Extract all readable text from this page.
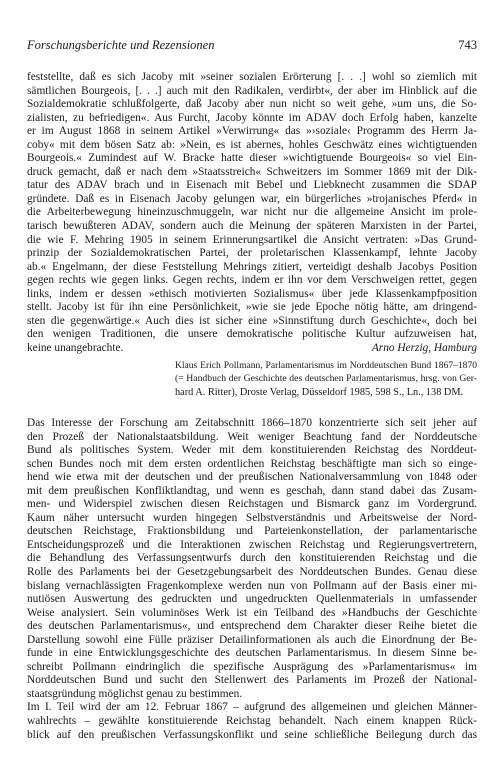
Forschungsberichte und Rezensionen	743
feststellte, daß es sich Jacoby mit »seiner sozialen Erörterung [. . .] wohl so ziemlich mit
sämtlichen Bourgeois, [. . .] auch mit den Radikalen, verdirbt«, der aber im Hinblick auf die
Sozialdemokratie schlußfolgerte, daß Jacoby aber nun nicht so weit gehe, »um uns, die So-
zialisten, zu befriedigen«. Aus Furcht, Jacoby könnte im ADAV doch Erfolg haben, kanzelte
er im August 1868 in seinem Artikel »Verwirrung« das »›soziale‹ Programm des Herrn Ja-
coby« mit dem bösen Satz ab: »Nein, es ist abernes, hohles Geschwätz eines wichtigtuenden
Bourgeois.« Zumindest auf W. Bracke hatte dieser »wichtigtuende Bourgeois« so viel Ein-
druck gemacht, daß er nach dem »Staatsstreich« Schweitzers im Sommer 1869 mit der Dik-
tatur des ADAV brach und in Eisenach mit Bebel und Liebknecht zusammen die SDAP
gründete. Daß es in Eisenach Jacoby gelungen war, ein bürgerliches »trojanisches Pferd« in
die Arbeiterbewegung hineinzuschmuggeln, war nicht nur die allgemeine Ansicht im prole-
tarisch bewußteren ADAV, sondern auch die Meinung der späteren Marxisten in der Partei,
die wie F. Mehring 1905 in seinem Erinnerungsartikel die Ansicht vertraten: »Das Grund-
prinzip der Sozialdemokratischen Partei, der proletarischen Klassenkampf, lehnte Jacoby
ab.« Engelmann, der diese Feststellung Mehrings zitiert, verteidigt deshalb Jacobys Position
gegen rechts wie gegen links. Gegen rechts, indem er ihn vor dem Verschweigen rettet, gegen
links, indem er dessen »ethisch motivierten Sozialismus« über jede Klassenkampfposition
stellt. Jacoby ist für ihn eine Persönlichkeit, »wie sie jede Epoche nötig hätte, am dringend-
sten die gegenwärtige.« Auch dies ist sicher eine »Sinnstiftung durch Geschichte«, doch bei
den wenigen Traditionen, die unsere demokratische politische Kultur aufzuweisen hat,
keine unangebrachte.	Arno Herzig, Hamburg
Klaus Erich Pollmann, Parlamentarismus im Norddeutschen Bund 1867–1870
(= Handbuch der Geschichte des deutschen Parlamentarismus, hrsg. von Ger-
hard A. Ritter), Droste Verlag, Düsseldorf 1985, 598 S., Ln., 138 DM.
Das Interesse der Forschung am Zeitabschnitt 1866–1870 konzentrierte sich seit jeher auf
den Prozeß der Nationalstaatsbildung. Weit weniger Beachtung fand der Norddeutsche
Bund als politisches System. Weder mit dem konstituierenden Reichstag des Norddeut-
schen Bundes noch mit dem ersten ordentlichen Reichstag beschäftigte man sich so einge-
hend wie etwa mit der deutschen und der preußischen Nationalversammlung von 1848 oder
mit dem preußischen Konfliktlandtag, und wenn es geschah, dann stand dabei das Zusam-
men- und Widerspiel zwischen diesen Reichstagen und Bismarck ganz im Vordergrund.
Kaum näher untersucht wurden hingegen Selbstverständnis und Arbeitsweise der Nord-
deutschen Reichstage, Fraktionsbildung und Parteienkonstellation, der parlamentarische
Entscheidungsprozeß und die Interaktionen zwischen Reichstag und Regierungsvertretern,
die Behandlung des Verfassungsentwurfs durch den konstituierenden Reichstag und die
Rolle des Parlaments bei der Gesetzgebungsarbeit des Norddeutschen Bundes. Genau diese
bislang vernachlässigten Fragenkomplexe werden nun von Pollmann auf der Basis einer mi-
nutiösen Auswertung des gedruckten und ungedruckten Quellenmaterials in umfassender
Weise analysiert. Sein voluminöses Werk ist ein Teilband des »Handbuchs der Geschichte
des deutschen Parlamentarismus«, und entsprechend dem Charakter dieser Reihe bietet die
Darstellung sowohl eine Fülle präziser Detailinformationen als auch die Einordnung der Be-
funde in eine Entwicklungsgeschichte des deutschen Parlamentarismus. In diesem Sinne be-
schreibt Pollmann eindringlich die spezifische Ausprägung des »Parlamentarismus« im
Norddeutschen Bund und sucht den Stellenwert des Parlaments im Prozeß der National-
staatsgründung möglichst genau zu bestimmen.
Im I. Teil wird der am 12. Februar 1867 – aufgrund des allgemeinen und gleichen Männer-
wahlrechts – gewählte konstituierende Reichstag behandelt. Nach einem knappen Rück-
blick auf den preußischen Verfassungskonflikt und seine schließliche Beilegung durch das
